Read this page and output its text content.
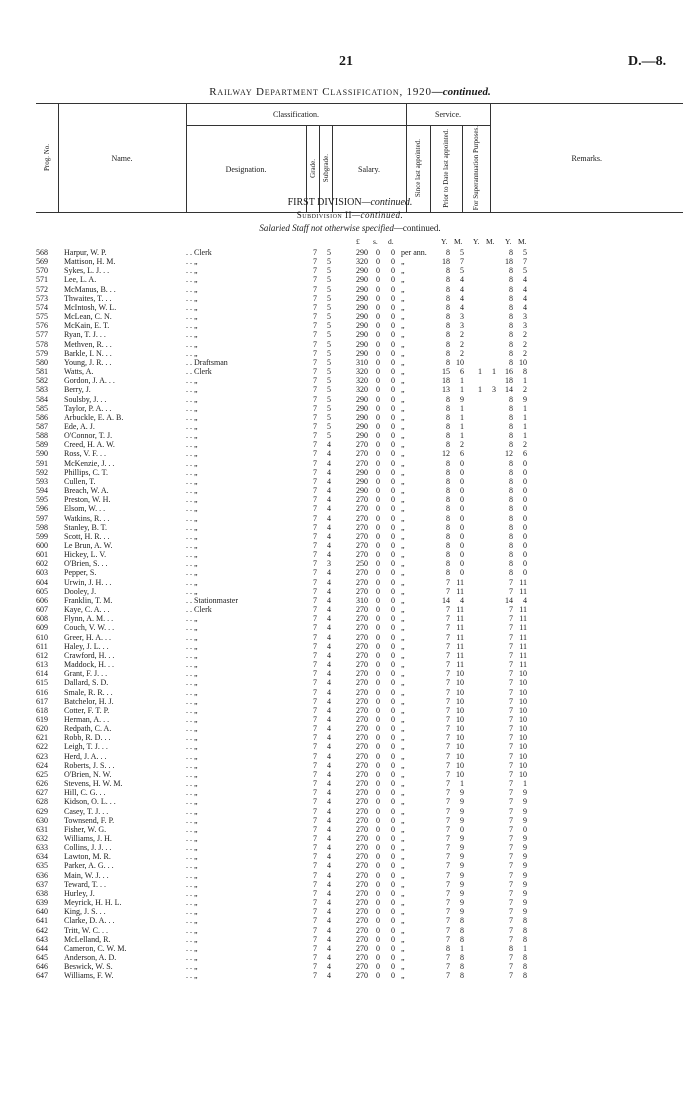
21	D.—8.
Railway Department Classification, 1920—continued.
Prog. No.	Name.	Classification.				Service.			Remarks.
		Designation.	Grade.	Subgrade.	Salary.	Since last appointed.	Prior to Date last appointed.	For Superannuation Purposes.	
FIRST DIVISION—continued.
Subdivision II—continued.
Salaried Staff not otherwise specified—continued.
£ s. d.	Y. M. Y. M. Y. M.
568	Harpur, W. P.	. . Clerk	7	5	290 0 0 per ann.	8	5	8	5
569	Mattison, H. M.	. . „	7	5	320 0 0 „	18	7	18	7
570	Sykes, L. J. . .	. . „	7	5	290 0 0 „	8	5	8	5
571	Lee, L. A.	. . „	7	5	290 0 0 „	8	4	8	4
572	McManus, B. . .	. . „	7	5	290 0 0 „	8	4	8	4
573	Thwaites, T. . .	. . „	7	5	290 0 0 „	8	4	8	4
574	McIntosh, W. L.	. . „	7	5	290 0 0 „	8	4	8	4
575	McLean, C. N.	. . „	7	5	290 0 0 „	8	3	8	3
576	McKain, E. T.	. . „	7	5	290 0 0 „	8	3	8	3
577	Ryan, T. J. . .	. . „	7	5	290 0 0 „	8	2	8	2
578	Methven, R. . .	. . „	7	5	290 0 0 „	8	2	8	2
579	Barkle, I. N. . .	. . „	7	5	290 0 0 „	8	2	8	2
580	Young, J. R. . .	. . Draftsman	7	5	310 0 0 „	8 10	8 10
581	Watts, A.	. . Clerk	7	5	320 0 0 „	15	6	1	1 16	8
582	Gordon, J. A. . .	. . „	7	5	320 0 0 „	18	1	18	1
583	Berry, J.	. . „	7	5	320 0 0 „	13	1	1	3 14	2
584	Soulsby, J. . .	. . „	7	5	290 0 0 „	8	9	8	9
585	Taylor, P. A. . .	. . „	7	5	290 0 0 „	8	1	8	1
586	Arbuckle, E. A. B.	. . „	7	5	290 0 0 „	8	1	8	1
587	Ede, A. J.	. . „	7	5	290 0 0 „	8	1	8	1
588	O'Connor, T. J.	. . „	7	5	290 0 0 „	8	1	8	1
589	Creed, H. A. W.	. . „	7	4	270 0 0 „	8	2	8	2
590	Ross, V. F. . .	. . „	7	4	270 0 0 „	12	6	12	6
591	McKenzie, J. . .	. . „	7	4	270 0 0 „	8	0	8	0
592	Phillips, C. T.	. . „	7	4	290 0 0 „	8	0	8	0
593	Cullen, T.	. . „	7	4	290 0 0 „	8	0	8	0
594	Breach, W. A.	. . „	7	4	290 0 0 „	8	0	8	0
595	Preston, W. H.	. . „	7	4	270 0 0 „	8	0	8	0
596	Elsom, W. . .	. . „	7	4	270 0 0 „	8	0	8	0
597	Watkins, R. . .	. . „	7	4	270 0 0 „	8	0	8	0
598	Stanley, B. T.	. . „	7	4	270 0 0 „	8	0	8	0
599	Scott, H. R. . .	. . „	7	4	270 0 0 „	8	0	8	0
600	Le Brun, A. W.	. . „	7	4	270 0 0 „	8	0	8	0
601	Hickey, L. V.	. . „	7	4	270 0 0 „	8	0	8	0
602	O'Brien, S. . .	. . „	7	3	250 0 0 „	8	0	8	0
603	Pepper, S.	. . „	7	4	270 0 0 „	8	0	8	0
604	Urwin, J. H. . .	. . „	7	4	270 0 0 „	7 11	7 11
605	Dooley, J.	. . „	7	4	270 0 0 „	7 11	7 11
606	Franklin, T. M.	. . Stationmaster	7	4	310 0 0 „	14	4	14	4
607	Kaye, C. A. . .	. . Clerk	7	4	270 0 0 „	7 11	7 11
608	Flynn, A. M. . .	. . „	7	4	270 0 0 „	7 11	7 11
609	Couch, V. W. . .	. . „	7	4	270 0 0 „	7 11	7 11
610	Greer, H. A. . .	. . „	7	4	270 0 0 „	7 11	7 11
611	Haley, J. L. . .	. . „	7	4	270 0 0 „	7 11	7 11
612	Crawford, H. . .	. . „	7	4	270 0 0 „	7 11	7 11
613	Maddock, H. . .	. . „	7	4	270 0 0 „	7 11	7 11
614	Grant, F. J. . .	. . „	7	4	270 0 0 „	7 10	7 10
615	Dallard, S. D.	. . „	7	4	270 0 0 „	7 10	7 10
616	Smale, R. R. . .	. . „	7	4	270 0 0 „	7 10	7 10
617	Batchelor, H. J.	. . „	7	4	270 0 0 „	7 10	7 10
618	Cotter, F. T. P.	. . „	7	4	270 0 0 „	7 10	7 10
619	Herman, A. . .	. . „	7	4	270 0 0 „	7 10	7 10
620	Redpath, C. A.	. . „	7	4	270 0 0 „	7 10	7 10
621	Robb, R. D. . .	. . „	7	4	270 0 0 „	7 10	7 10
622	Leigh, T. J. . .	. . „	7	4	270 0 0 „	7 10	7 10
623	Herd, J. A. . .	. . „	7	4	270 0 0 „	7 10	7 10
624	Roberts, J. S. . .	. . „	7	4	270 0 0 „	7 10	7 10
625	O'Brien, N. W.	. . „	7	4	270 0 0 „	7 10	7 10
626	Stevens, H. W. M.	. . „	7	4	270 0 0 „	7	1	7	1
627	Hill, C. G. . .	. . „	7	4	270 0 0 „	7	9	7	9
628	Kidson, O. L. . .	. . „	7	4	270 0 0 „	7	9	7	9
629	Casey, T. J. . .	. . „	7	4	270 0 0 „	7	9	7	9
630	Townsend, F. P.	. . „	7	4	270 0 0 „	7	9	7	9
631	Fisher, W. G.	. . „	7	4	270 0 0 „	7	0	7	0
632	Williams, J. H.	. . „	7	4	270 0 0 „	7	9	7	9
633	Collins, J. J. . .	. . „	7	4	270 0 0 „	7	9	7	9
634	Lawton, M. R.	. . „	7	4	270 0 0 „	7	9	7	9
635	Parker, A. G. . .	. . „	7	4	270 0 0 „	7	9	7	9
636	Main, W. J. . .	. . „	7	4	270 0 0 „	7	9	7	9
637	Teward, T. . .	. . „	7	4	270 0 0 „	7	9	7	9
638	Hurley, J.	. . „	7	4	270 0 0 „	7	9	7	9
639	Meyrick, H. H. L.	. . „	7	4	270 0 0 „	7	9	7	9
640	King, J. S. . .	. . „	7	4	270 0 0 „	7	9	7	9
641	Clarke, D. A. . .	. . „	7	4	270 0 0 „	7	8	7	8
642	Tritt, W. C. . .	. . „	7	4	270 0 0 „	7	8	7	8
643	McLelland, R.	. . „	7	4	270 0 0 „	7	8	7	8
644	Cameron, C. W. M.	. . „	7	4	270 0 0 „	8	1	8	1
645	Anderson, A. D.	. . „	7	4	270 0 0 „	7	8	7	8
646	Beswick, W. S.	. . „	7	4	270 0 0 „	7	8	7	8
647	Williams, F. W.	. . „	7	4	270 0 0 „	7	8	7	8
